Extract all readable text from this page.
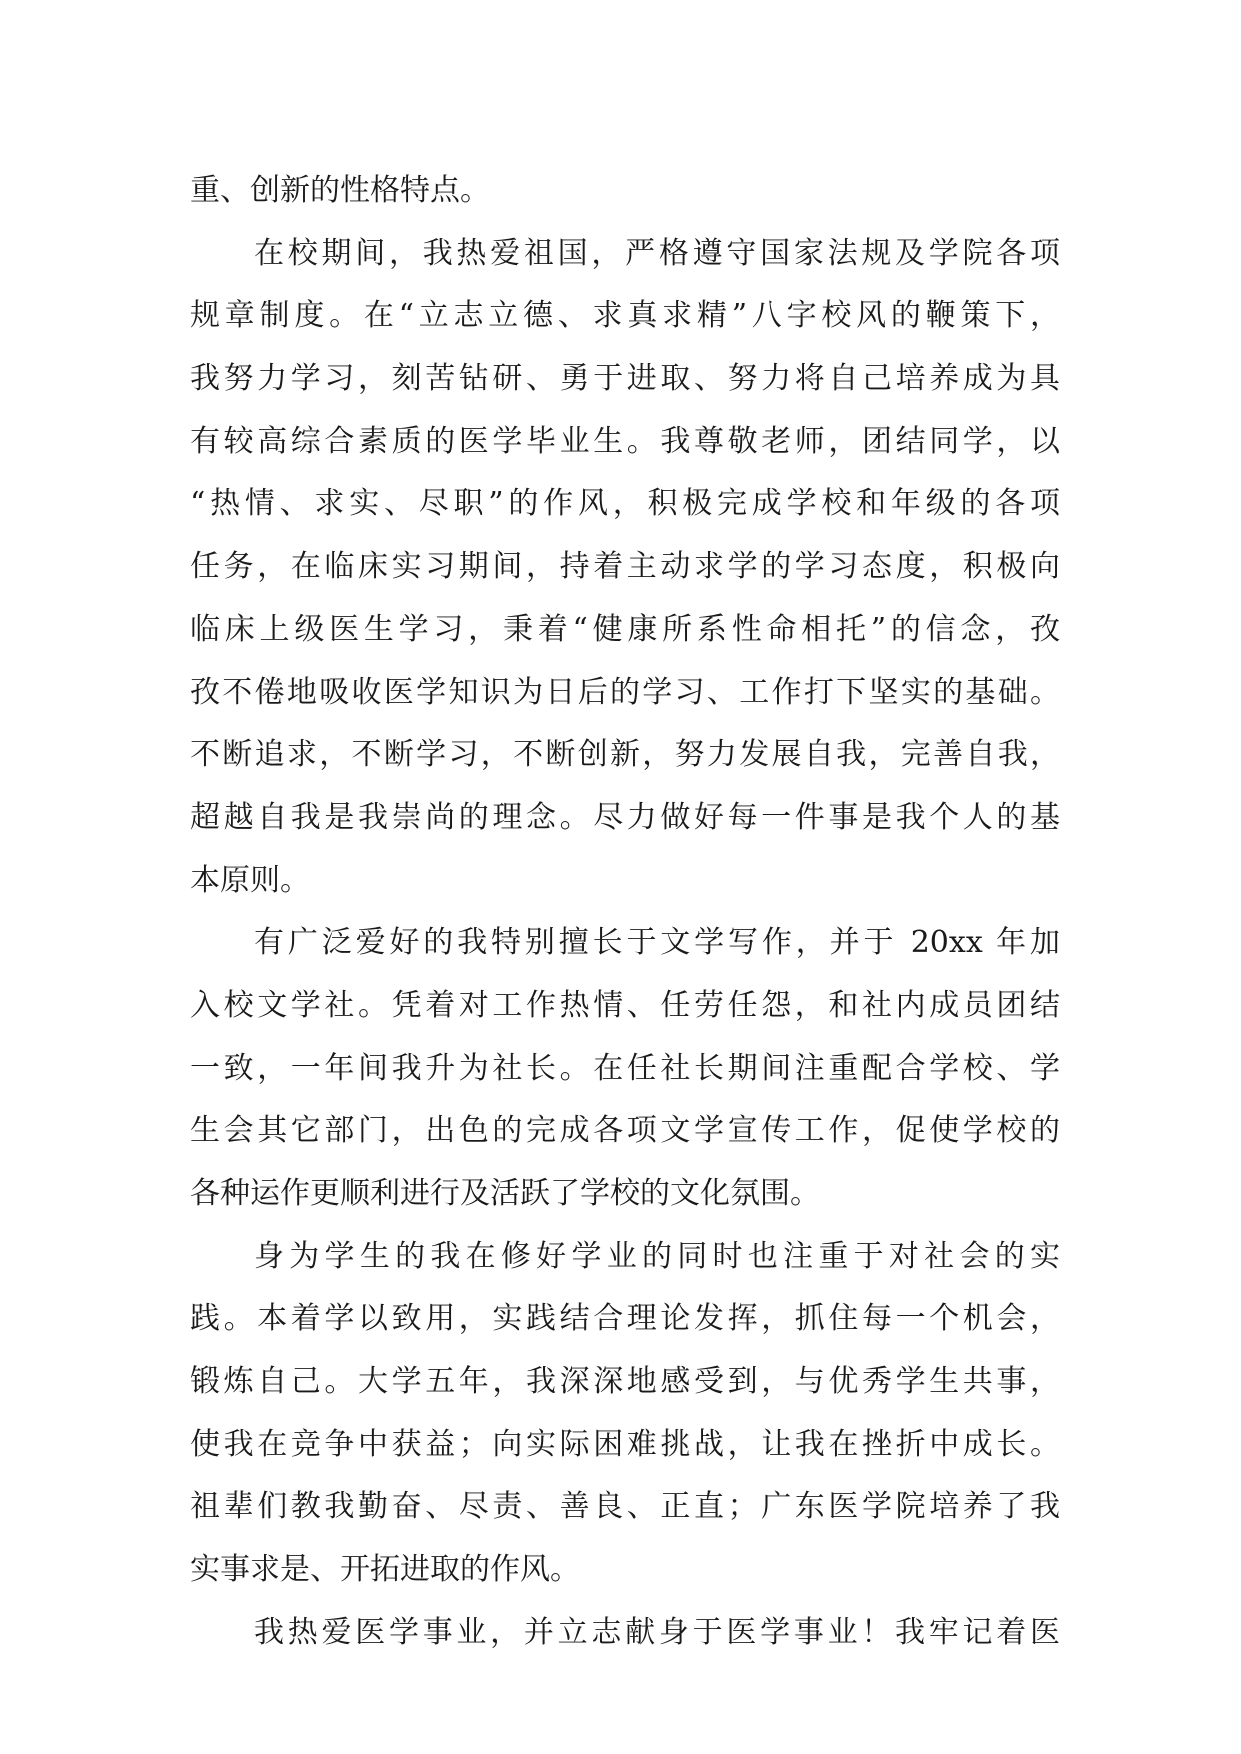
重、创新的性格特点。
在校期间，我热爱祖国，严格遵守国家法规及学院各项
规章制度。在“立志立德、求真求精”八字校风的鞭策下，
我努力学习，刻苦钻研、勇于进取、努力将自己培养成为具
有较高综合素质的医学毕业生。我尊敬老师，团结同学，以
“热情、求实、尽职”的作风，积极完成学校和年级的各项
任务，在临床实习期间，持着主动求学的学习态度，积极向
临床上级医生学习，秉着“健康所系性命相托”的信念，孜
孜不倦地吸收医学知识为日后的学习、工作打下坚实的基础。
不断追求，不断学习，不断创新，努力发展自我，完善自我，
超越自我是我崇尚的理念。尽力做好每一件事是我个人的基
本原则。
有广泛爱好的我特别擅长于文学写作，并于 20xx 年加
入校文学社。凭着对工作热情、任劳任怨，和社内成员团结
一致，一年间我升为社长。在任社长期间注重配合学校、学
生会其它部门，出色的完成各项文学宣传工作，促使学校的
各种运作更顺利进行及活跃了学校的文化氛围。
身为学生的我在修好学业的同时也注重于对社会的实
践。本着学以致用，实践结合理论发挥，抓住每一个机会，
锻炼自己。大学五年，我深深地感受到，与优秀学生共事，
使我在竞争中获益；向实际困难挑战，让我在挫折中成长。
祖辈们教我勤奋、尽责、善良、正直；广东医学院培养了我
实事求是、开拓进取的作风。
我热爱医学事业，并立志献身于医学事业！我牢记着医
